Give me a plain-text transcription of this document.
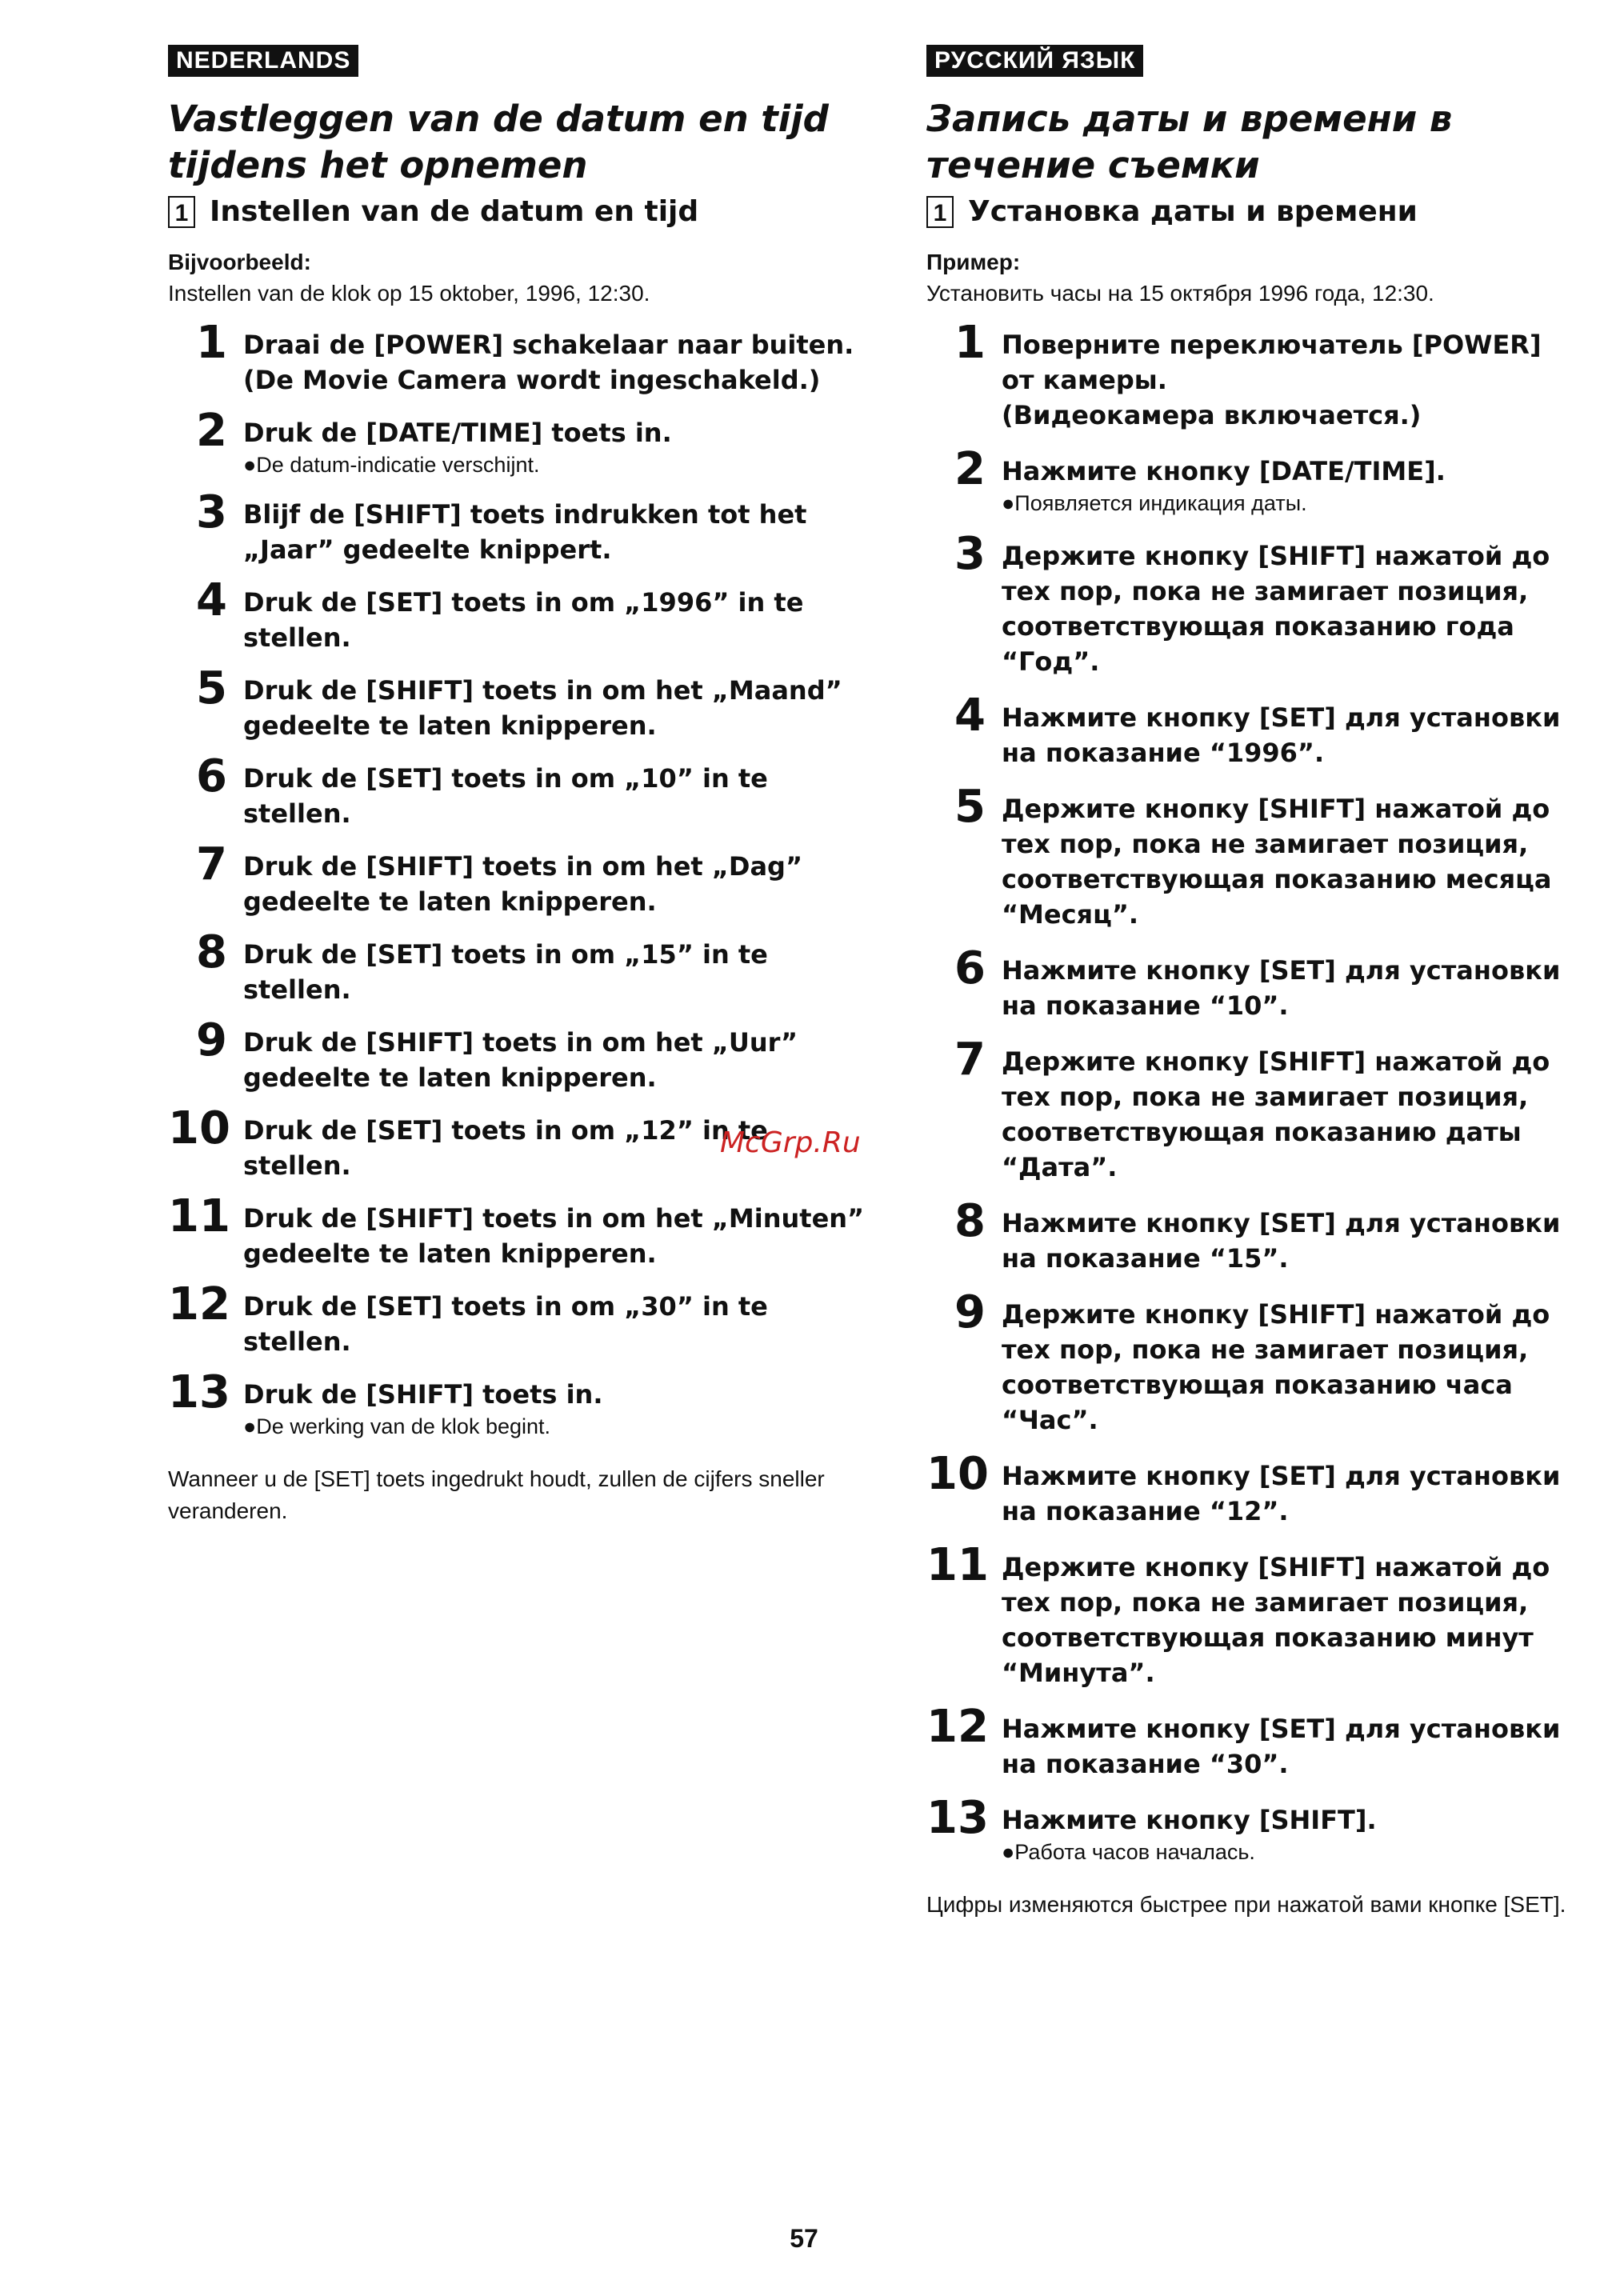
NEDERLANDS
Vastleggen van de datum en tijd tijdens het opnemen
1 Instellen van de datum en tijd
Bijvoorbeeld:
Instellen van de klok op 15 oktober, 1996, 12:30.
1 Draai de [POWER] schakelaar naar buiten.
(De Movie Camera wordt ingeschakeld.)
2 Druk de [DATE/TIME] toets in.
●De datum-indicatie verschijnt.
3 Blijf de [SHIFT] toets indrukken tot het „Jaar” gedeelte knippert.
4 Druk de [SET] toets in om „1996” in te stellen.
5 Druk de [SHIFT] toets in om het „Maand” gedeelte te laten knipperen.
6 Druk de [SET] toets in om „10” in te stellen.
7 Druk de [SHIFT] toets in om het „Dag” gedeelte te laten knipperen.
8 Druk de [SET] toets in om „15” in te stellen.
9 Druk de [SHIFT] toets in om het „Uur” gedeelte te laten knipperen.
10 Druk de [SET] toets in om „12” in te stellen.
11 Druk de [SHIFT] toets in om het „Minuten” gedeelte te laten knipperen.
12 Druk de [SET] toets in om „30” in te stellen.
13 Druk de [SHIFT] toets in.
●De werking van de klok begint.
Wanneer u de [SET] toets ingedrukt houdt, zullen de cijfers sneller veranderen.
РУССКИЙ ЯЗЫК
Запись даты и времени в течение съемки
1 Установка даты и времени
Пример:
Установить часы на 15 октября 1996 года, 12:30.
1 Поверните переключатель [POWER] от камеры.
(Видеокамера включается.)
2 Нажмите кнопку [DATE/TIME].
●Появляется индикация даты.
3 Держите кнопку [SHIFT] нажатой до тех пор, пока не замигает позиция, соответствующая показанию года “Год”.
4 Нажмите кнопку [SET] для установки на показание “1996”.
5 Держите кнопку [SHIFT] нажатой до тех пор, пока не замигает позиция, соответствующая показанию месяца “Месяц”.
6 Нажмите кнопку [SET] для установки на показание “10”.
7 Держите кнопку [SHIFT] нажатой до тех пор, пока не замигает позиция, соответствующая показанию даты “Дата”.
8 Нажмите кнопку [SET] для установки на показание “15”.
9 Держите кнопку [SHIFT] нажатой до тех пор, пока не замигает позиция, соответствующая показанию часа “Час”.
10 Нажмите кнопку [SET] для установки на показание “12”.
11 Держите кнопку [SHIFT] нажатой до тех пор, пока не замигает позиция, соответствующая показанию минут “Минута”.
12 Нажмите кнопку [SET] для установки на показание “30”.
13 Нажмите кнопку [SHIFT].
●Работа часов началась.
Цифры изменяются быстрее при нажатой вами кнопке [SET].
McGrp.Ru
57
